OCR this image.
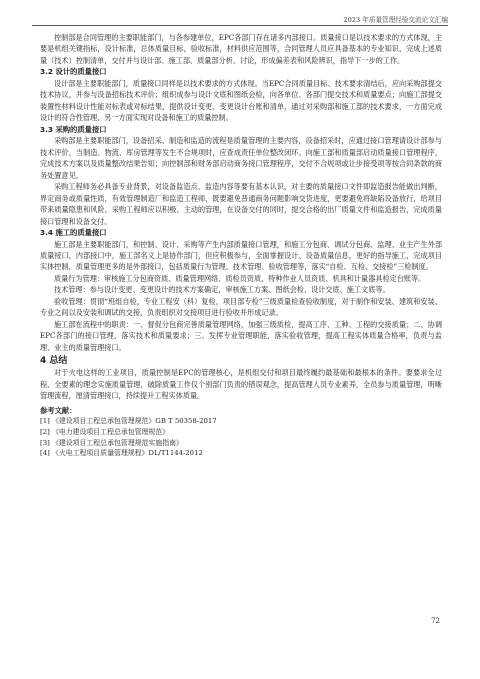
2023 年质量管理经验交流论文汇编

控制部是合同管理的主要职能部门，与各参建单位，EPC各部门存在诸多内部接口。质量接口是以技术要求的方式体现，主要是机组关键指标，设计标准，总体质量目标，验收标准，材料供应范围等，合同管理人员应具备基本的专业知识，完成上述质量（技术）控制清单，交付并与设计部、施工部、质量部分析、讨论，形成偏差表和风险辨识，指导下一步的工作。

3.2 设计的质量接口

设计部是主要职能部门，质量接口同样是以技术要求的方式体现。当EPC合同质量目标、技术要求清结后，应向采购部提交技术协议，并参与设备招标技术评价；组织成参与设计文底和图纸会检，向各单位、各部门提交技术和质量要点；向施工部提交装置性材料设计性能对标表或对标结果，提供设计变更、变更设计台账和清单，通过对采购部和施工部的技术要求，一方面完成设计的符合性管理，另一方面实现对设备和施工的质量控制。

3.3 采购的质量接口

采购部是主要职能部门，设备招采、制造和监造的流程是质量管理的主要内容，设备招采时，应通过接口管理请设计部参与技术评价，当制造、物流、库房管理等发生不合规项时，应查成责任单位整改闭环。向施工部和质量部启动质量接口管理程序，完成技术方案以及质量整改结果告知；向控制部和财务部启动商务接口管理程序，交付不合规项或让步接受项等按合同条款的商务处置意见。

采购工程师务必具备专业背景，对设备监造点、监造内容等要有基本认识，对主要的质量接口文件即监造报告能做出判断，界定商务或质量性质，有效管理制造厂和监造工程师，既要避免普通商务问题影响交货进度，更要避免将缺陷设备放行，给项目带来质量隐患和风险。采购工程师应以积极、主动的管理，在设备交付的同时，提交合格的出厂质量文件和监造报告，完成质量接口管理和设备交付。

3.4 施工的质量接口

施工部是主要职能部门，和控制、设计、采购等产生内部质量接口管理，和施工分包商、调试分包商、监理、业主产生外部质量接口，内部接口中，施工部名义上是协作部门，但应积极参与，全面掌握设计、设备质量信息，更好的指导施工，完成项目实体控制，质量管理更多的是外部接口，包括质量行为管理、技术管理、验收管理等，落实“自检、互检、交接检”三检制度。

质量行为管理：审核施工分包商资质、质量管理网络、质检员资质、特种作业人员资质、机具和计量器具检定台账等。

技术管理：参与设计变更、变更设计的技术方案确定，审核施工方案、图纸会检、设计交底、施工文底等。

验收管理：贯彻“班组自检，专业工程安（科）复检，项目部专检”三级质量检查验收制度，对于制作和安装、建筑和安装、专业之间以及安装和调试的交接，负责组织对交接项目进行验收并形成记录。

施工部在流程中的职责：一、督促分包商完善质量管理网络，加强三级质检，提高工序、工种、工程的交接质量；二、协调EPC各部门的接口管理，落实技术和质量要求；三、发挥专业管理职能，落实验收管理，提高工程实体质量合格率，负责与监理、业主的质量管理接口。

4 总结

对于火电这样的工业项目，质量控制是EPC的管理核心，是机组交付和项目最终履约最基础和最根本的条件。要要求全过程、全要素的理念实施质量管理，破除质量工作仅个别部门负责的错误观念，提高管理人员专业素养，全员参与质量管理，明晰管理流程，厘清管理接口，持续提升工程实体质量。

参考文献：
[1] 《建设项目工程总承包管理规范》GB T 50358-2017
[2] 《电力建设项目工程总承包管理规范》
[3] 《建设项目工程总承包管理规范实施指南》
[4] 《火电工程项目质量管理规程》DL/T1144-2012
72
